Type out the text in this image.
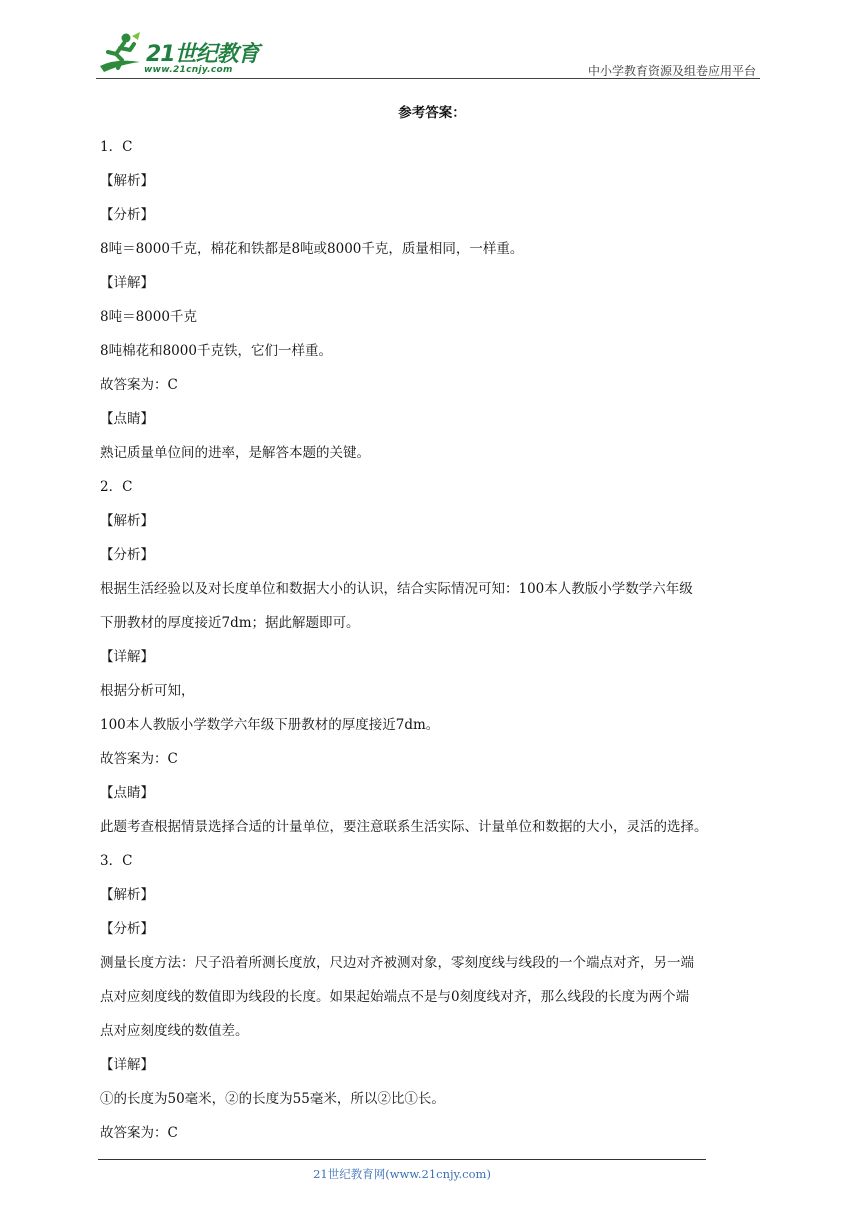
21世纪教育
www.21cnjy.com	中小学教育资源及组卷应用平台
参考答案：
1．C
【解析】
【分析】
8吨＝8000千克，棉花和铁都是8吨或8000千克，质量相同，一样重。
【详解】
8吨＝8000千克
8吨棉花和8000千克铁，它们一样重。
故答案为：C
【点睛】
熟记质量单位间的进率，是解答本题的关键。
2．C
【解析】
【分析】
根据生活经验以及对长度单位和数据大小的认识，结合实际情况可知：100本人教版小学数学六年级
下册教材的厚度接近7dm；据此解题即可。
【详解】
根据分析可知，
100本人教版小学数学六年级下册教材的厚度接近7dm。
故答案为：C
【点睛】
此题考查根据情景选择合适的计量单位，要注意联系生活实际、计量单位和数据的大小，灵活的选择。
3．C
【解析】
【分析】
测量长度方法：尺子沿着所测长度放，尺边对齐被测对象，零刻度线与线段的一个端点对齐，另一端
点对应刻度线的数值即为线段的长度。如果起始端点不是与0刻度线对齐，那么线段的长度为两个端
点对应刻度线的数值差。
【详解】
①的长度为50毫米，②的长度为55毫米，所以②比①长。
故答案为：C
21世纪教育网(www.21cnjy.com)
